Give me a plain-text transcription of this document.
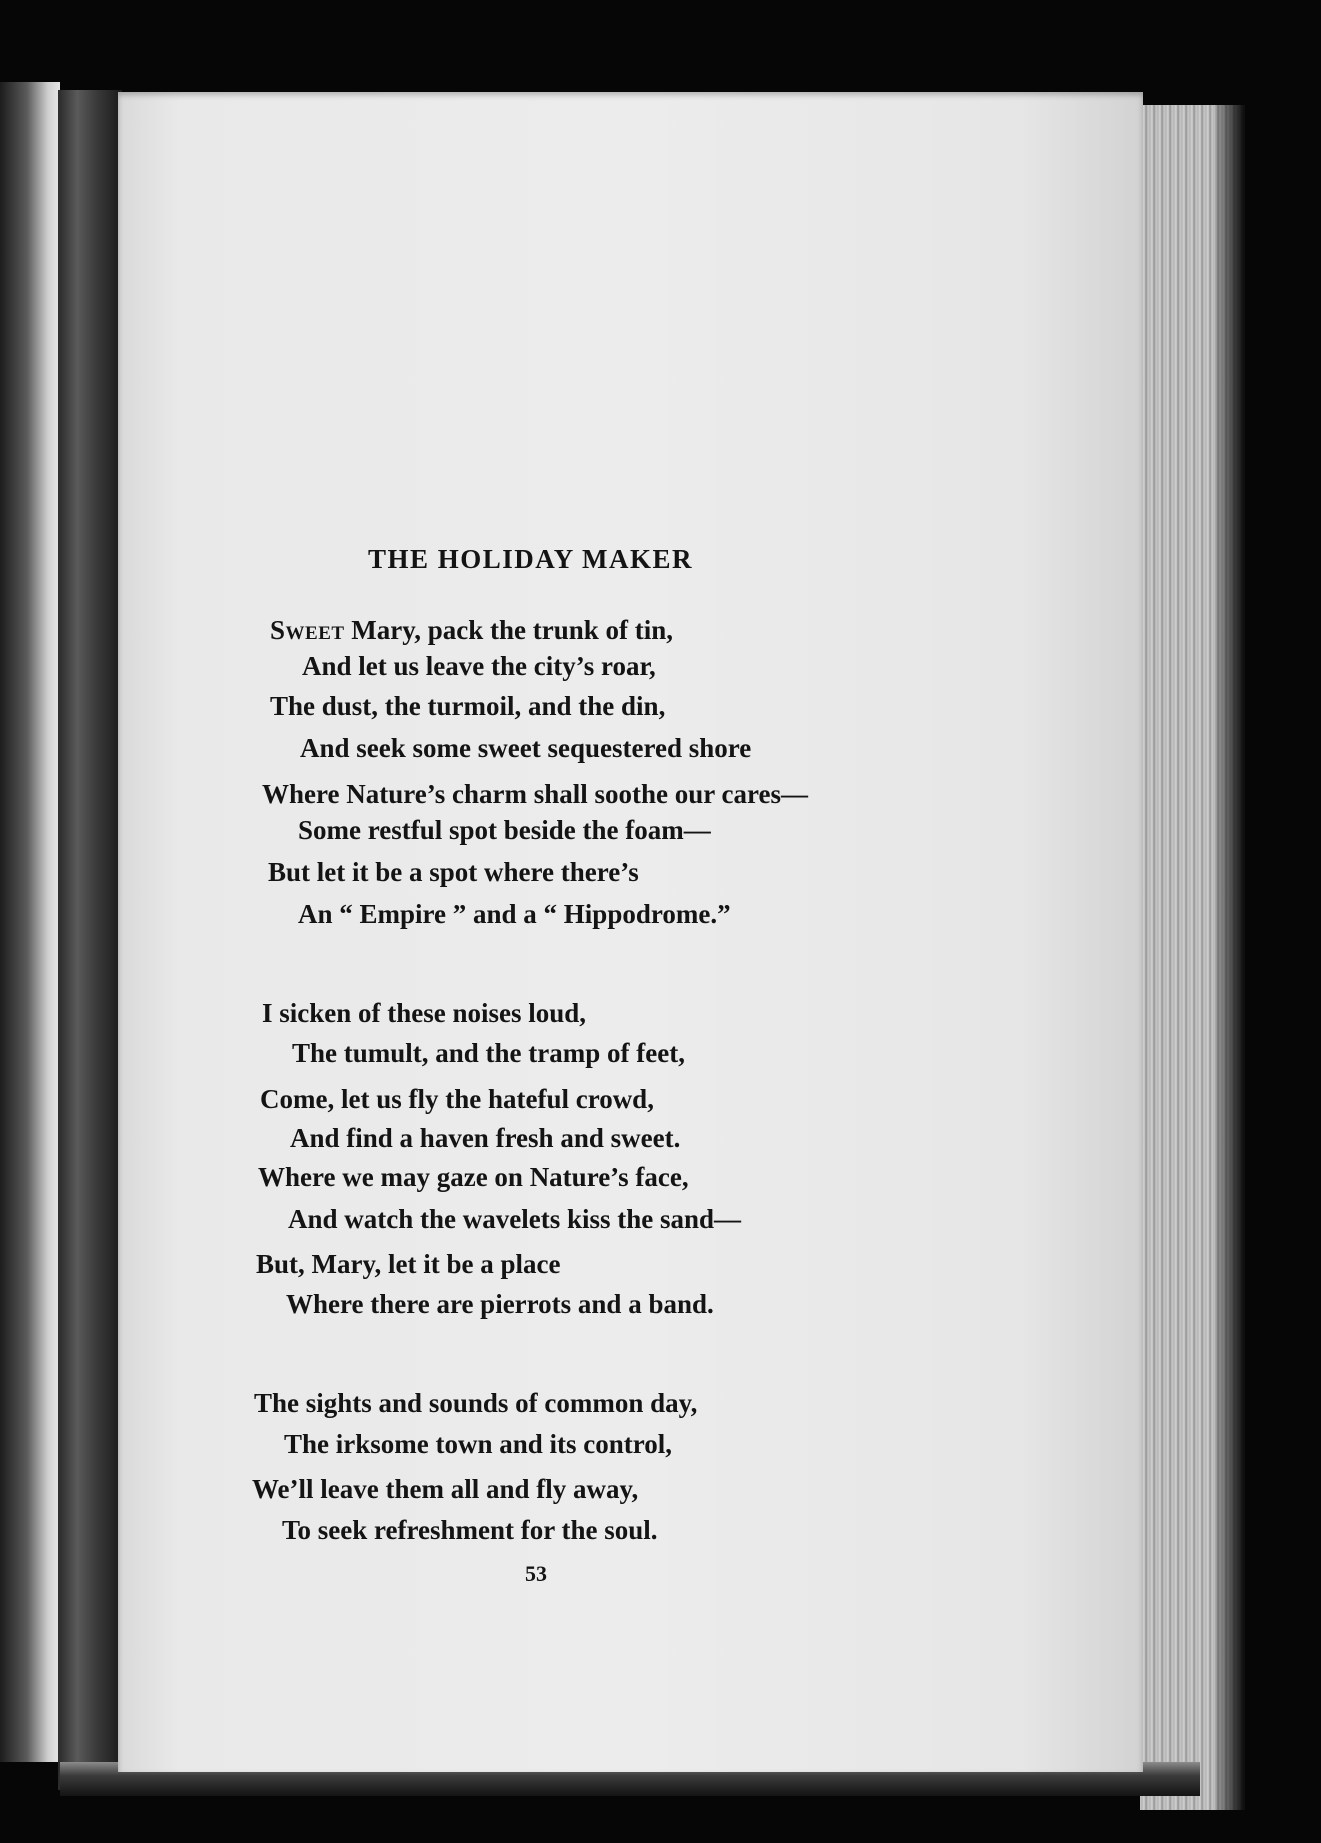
THE HOLIDAY MAKER

Sweet Mary, pack the trunk of tin,

And let us leave the city’s roar,

The dust, the turmoil, and the din,

And seek some sweet sequestered shore

Where Nature’s charm shall soothe our cares—

Some restful spot beside the foam—

But let it be a spot where there’s

An “ Empire ” and a “ Hippodrome.”

I sicken of these noises loud,

The tumult, and the tramp of feet,

Come, let us fly the hateful crowd,

And find a haven fresh and sweet.

Where we may gaze on Nature’s face,

And watch the wavelets kiss the sand—

But, Mary, let it be a place

Where there are pierrots and a band.

The sights and sounds of common day,

The irksome town and its control,

We’ll leave them all and fly away,

To seek refreshment for the soul.

53
